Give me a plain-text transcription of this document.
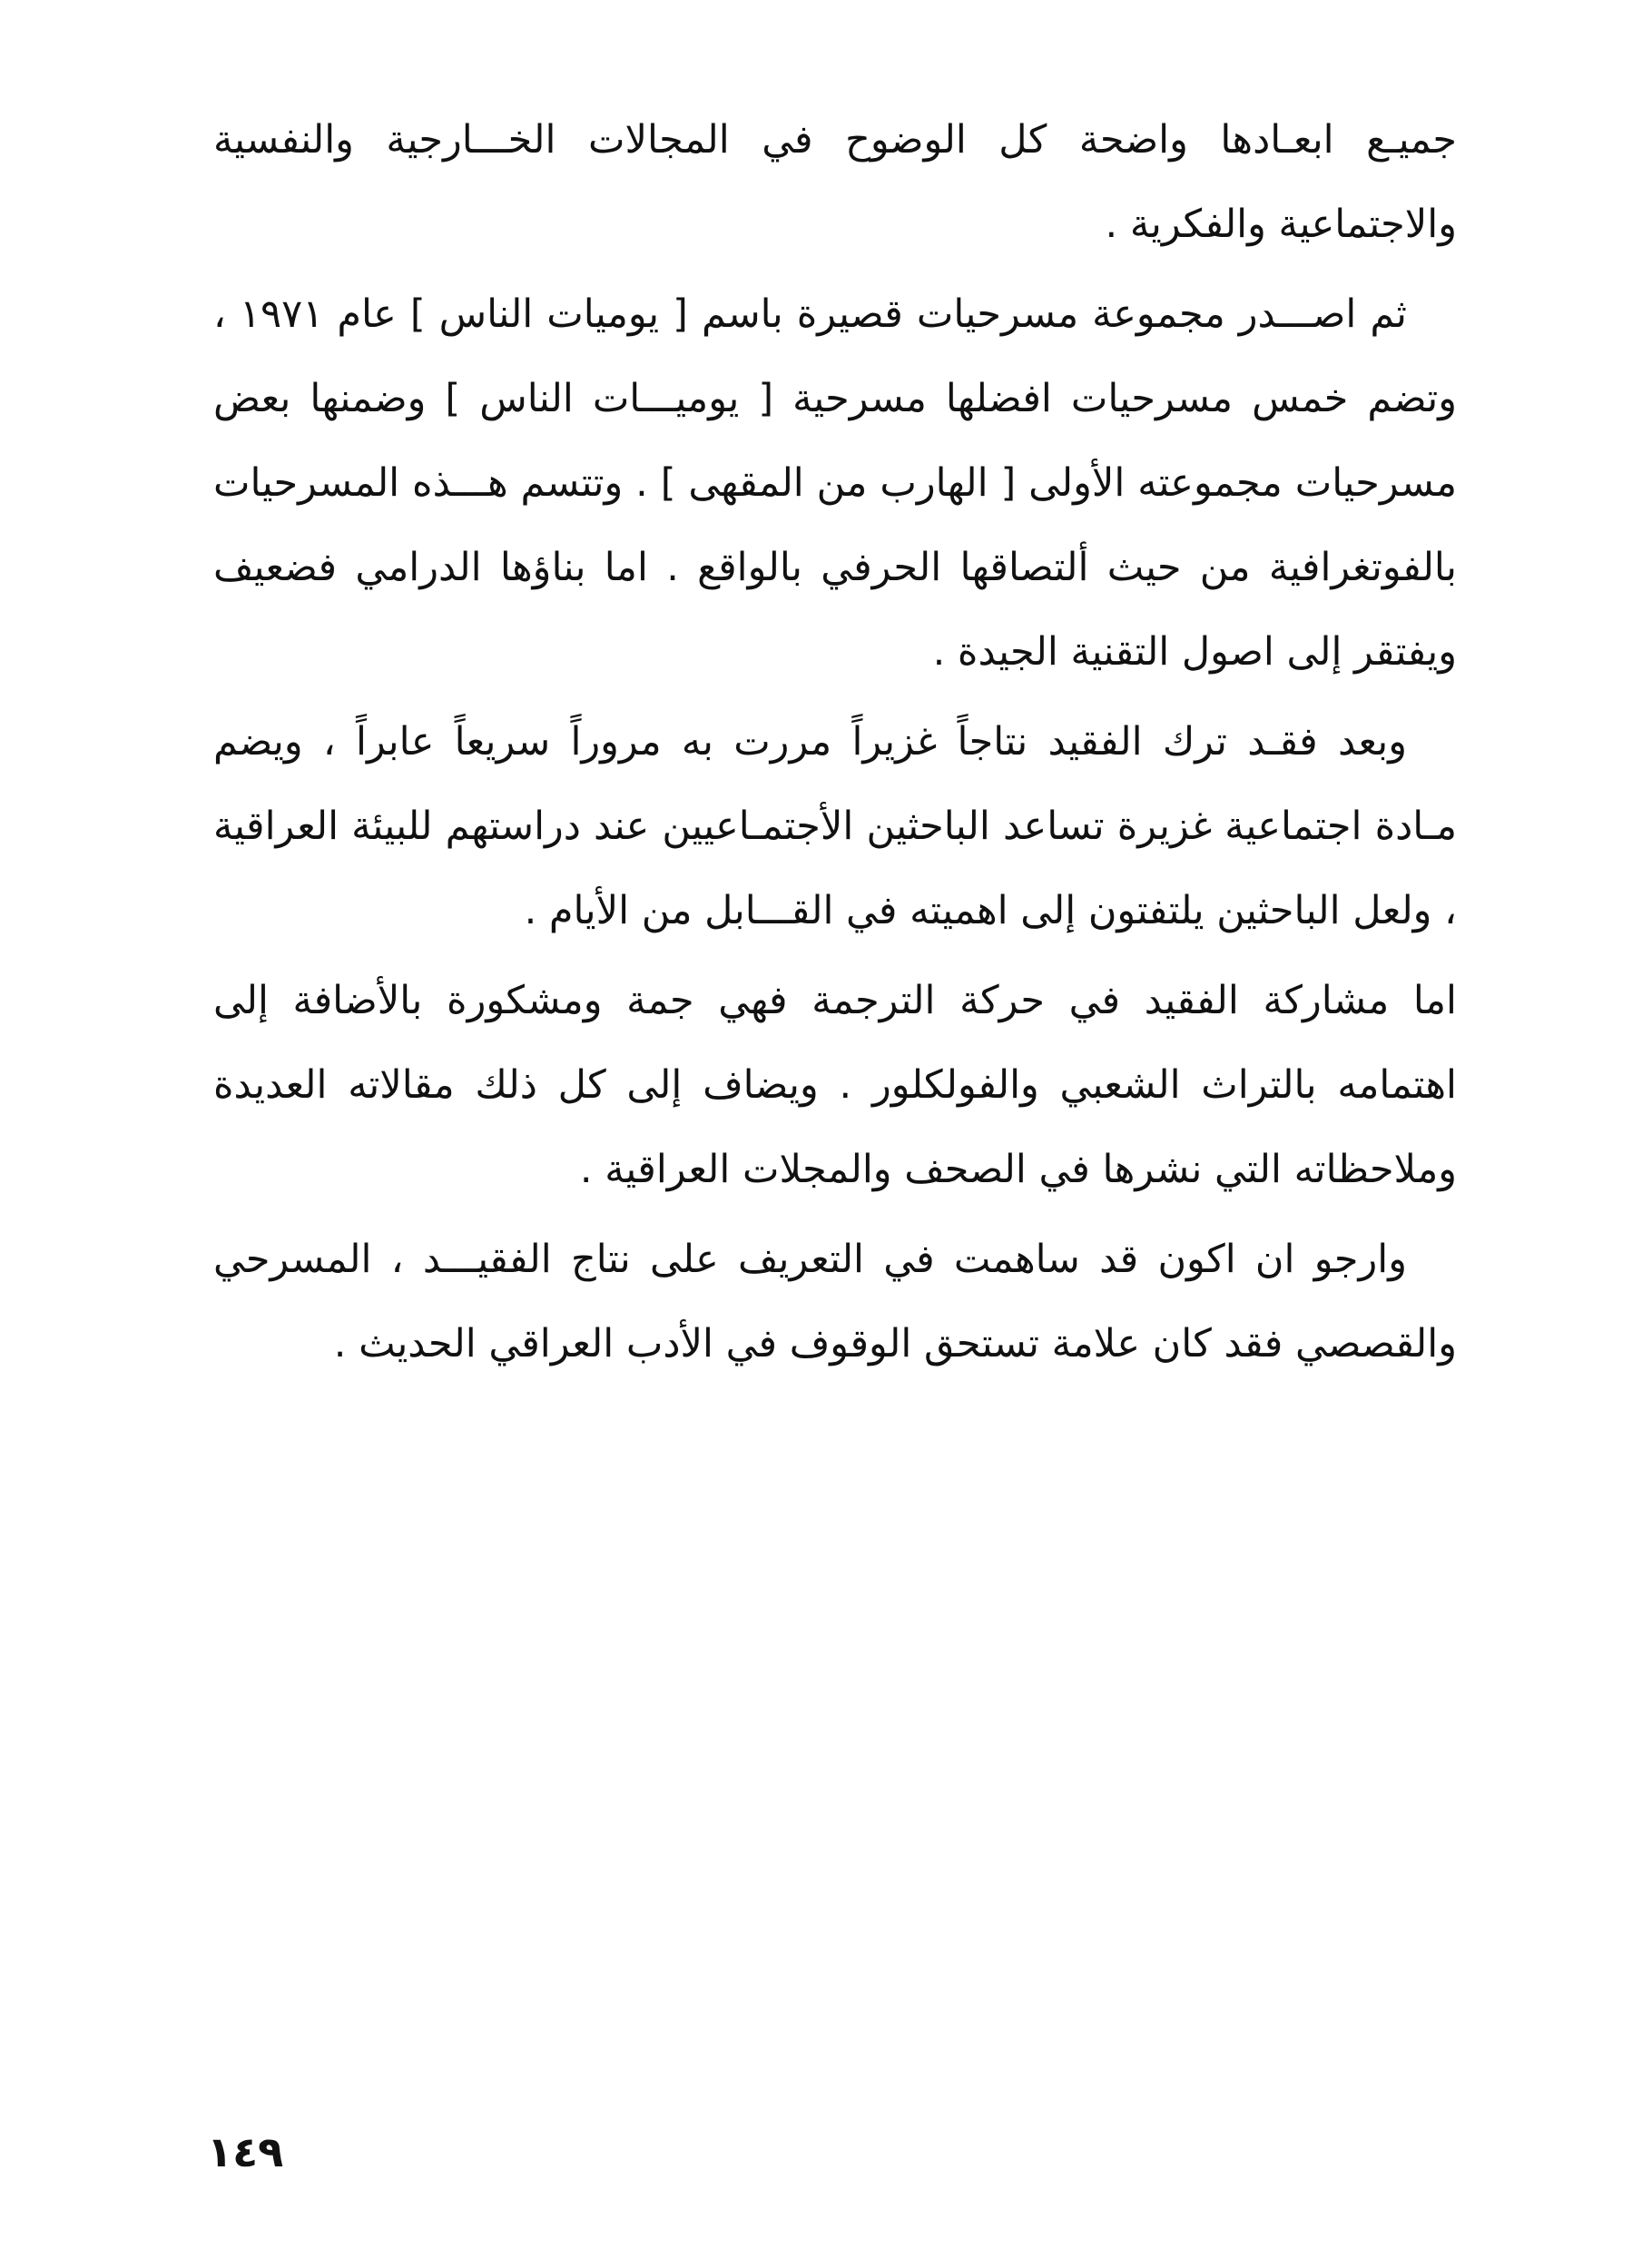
جميـع ابعـادها واضحة كل الوضوح في المجالات الخـــارجية والنفسية والاجتماعية والفكرية .

ثم اصـــدر مجموعة مسرحيات قصيرة باسم [ يوميات الناس ] عام ١٩٧١ ، وتضم خمس مسرحيات افضلها مسرحية [ يوميـــات الناس ] وضمنها بعض مسرحيات مجموعته الأولى [ الهارب من المقهى ] . وتتسم هـــذه المسرحيات بالفوتغرافية من حيث ألتصاقها الحرفي بالواقع . اما بناؤها الدرامي فضعيف ويفتقر إلى اصول التقنية الجيدة .

وبعد فقـد ترك الفقيد نتاجاً غزيراً مررت به مروراً سريعاً عابراً ، ويضم مـادة اجتماعية غزيرة تساعد الباحثين الأجتمـاعيين عند دراستهم للبيئة العراقية ، ولعل الباحثين يلتفتون إلى اهميته في القـــابل من الأيام .

اما مشاركة الفقيد في حركة الترجمة فهي جمة ومشكورة بالأضافة إلى اهتمامه بالتراث الشعبي والفولكلور . ويضاف إلى كل ذلك مقالاته العديدة وملاحظاته التي نشرها في الصحف والمجلات العراقية .

وارجو ان اكون قد ساهمت في التعريف على نتاج الفقيـــد ، المسرحي والقصصي فقد كان علامة تستحق الوقوف في الأدب العراقي الحديث .

١٤٩
